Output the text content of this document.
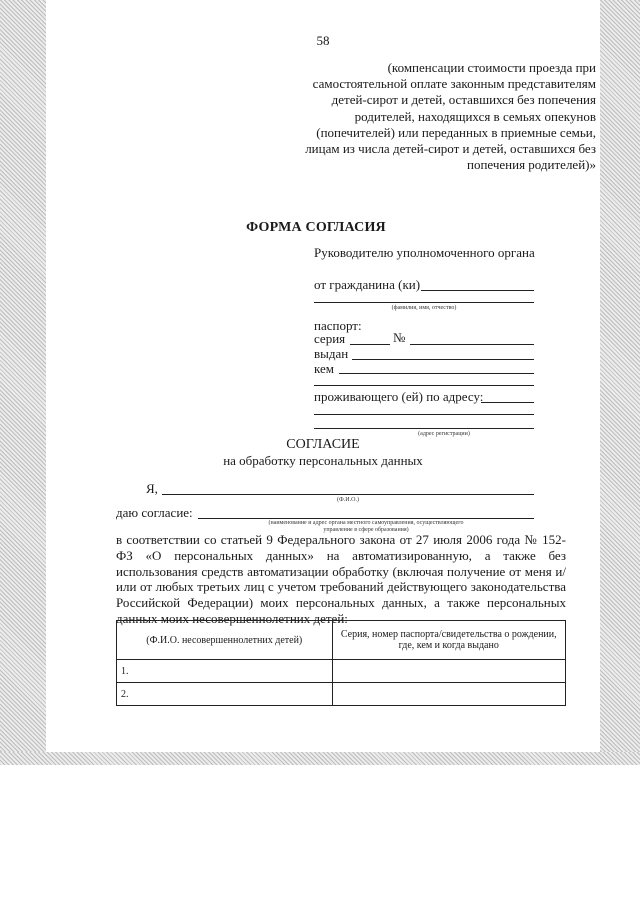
58
(компенсации стоимости проезда при самостоятельной оплате законным представителям детей-сирот и детей, оставшихся без попечения родителей, находящихся в семьях опекунов (попечителей) или переданных в приемные семьи, лицам из числа детей-сирот и детей, оставшихся без попечения родителей)»
ФОРМА СОГЛАСИЯ
Руководителю уполномоченного органа
от гражданина (ки)
(фамилия, имя, отчество)
паспорт:
серия	№
выдан
кем
проживающего (ей) по адресу:
(адрес регистрации)
СОГЛАСИЕ
на обработку персональных данных
Я,
(Ф.И.О.)
даю согласие:
(наименование и адрес органа местного самоуправления, осуществляющего
управление в сфере образования)
в соответствии со статьей 9 Федерального закона от 27 июля 2006 года № 152-ФЗ «О персональных данных» на автоматизированную, а также без использования средств автоматизации обработку (включая получение от меня и/или от любых третьих лиц с учетом требований действующего законодательства Российской Федерации) моих персональных данных, а также персональных данных моих несовершеннолетних детей:
(Ф.И.О. несовершеннолетних детей)	Серия, номер паспорта/свидетельства о рождении, где, кем и когда выдано
1.	
2.	
